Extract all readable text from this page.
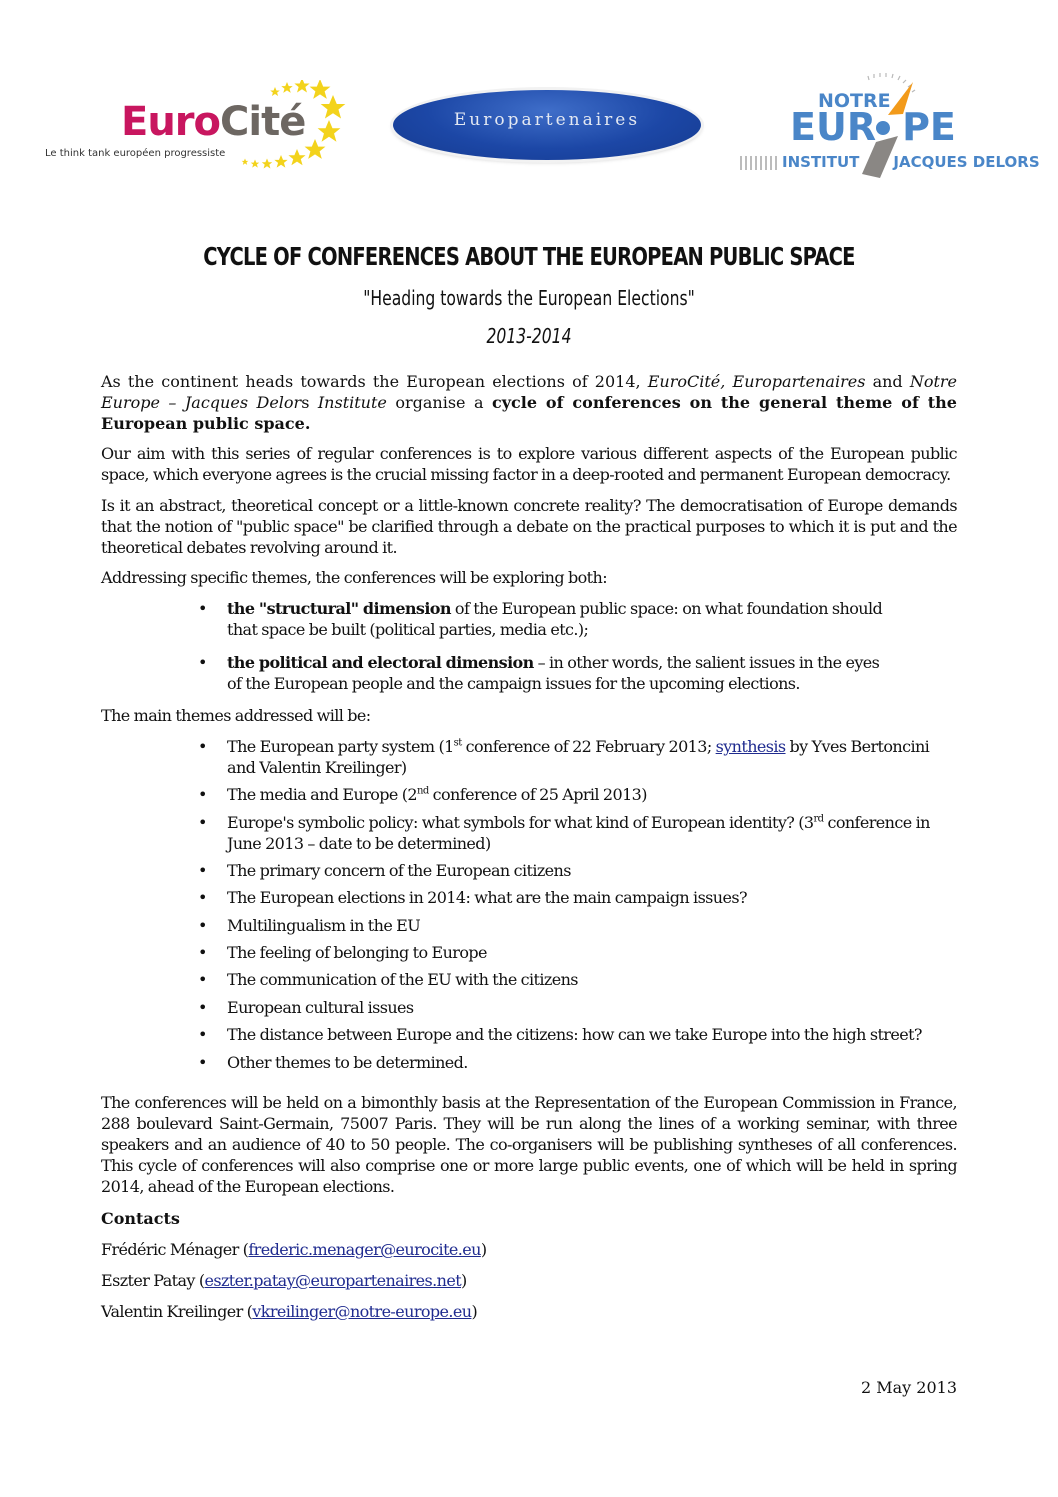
EuroCité
Le think tank européen progressiste
Europartenaires
NOTRE
EUR PE
INSTITUT JACQUES DELORS
CYCLE OF CONFERENCES ABOUT THE EUROPEAN PUBLIC SPACE
"Heading towards the European Elections"
2013-2014

As the continent heads towards the European elections of 2014, EuroCité, Europartenaires and Notre Europe – Jacques Delors Institute organise a cycle of conferences on the general theme of the European public space.

Our aim with this series of regular conferences is to explore various different aspects of the European public space, which everyone agrees is the crucial missing factor in a deep-rooted and permanent European democracy.

Is it an abstract, theoretical concept or a little-known concrete reality? The democratisation of Europe demands that the notion of "public space" be clarified through a debate on the practical purposes to which it is put and the theoretical debates revolving around it.

Addressing specific themes, the conferences will be exploring both:

• the "structural" dimension of the European public space: on what foundation should
that space be built (political parties, media etc.);
• the political and electoral dimension – in other words, the salient issues in the eyes
of the European people and the campaign issues for the upcoming elections.

The main themes addressed will be:

• The European party system (1st conference of 22 February 2013; synthesis by Yves Bertoncini and Valentin Kreilinger)
• The media and Europe (2nd conference of 25 April 2013)
• Europe's symbolic policy: what symbols for what kind of European identity? (3rd conference in June 2013 – date to be determined)
• The primary concern of the European citizens
• The European elections in 2014: what are the main campaign issues?
• Multilingualism in the EU
• The feeling of belonging to Europe
• The communication of the EU with the citizens
• European cultural issues
• The distance between Europe and the citizens: how can we take Europe into the high street?
• Other themes to be determined.

The conferences will be held on a bimonthly basis at the Representation of the European Commission in France, 288 boulevard Saint-Germain, 75007 Paris. They will be run along the lines of a working seminar, with three speakers and an audience of 40 to 50 people. The co-organisers will be publishing syntheses of all conferences. This cycle of conferences will also comprise one or more large public events, one of which will be held in spring 2014, ahead of the European elections.

Contacts
Frédéric Ménager (frederic.menager@eurocite.eu)
Eszter Patay (eszter.patay@europartenaires.net)
Valentin Kreilinger (vkreilinger@notre-europe.eu)
2 May 2013
